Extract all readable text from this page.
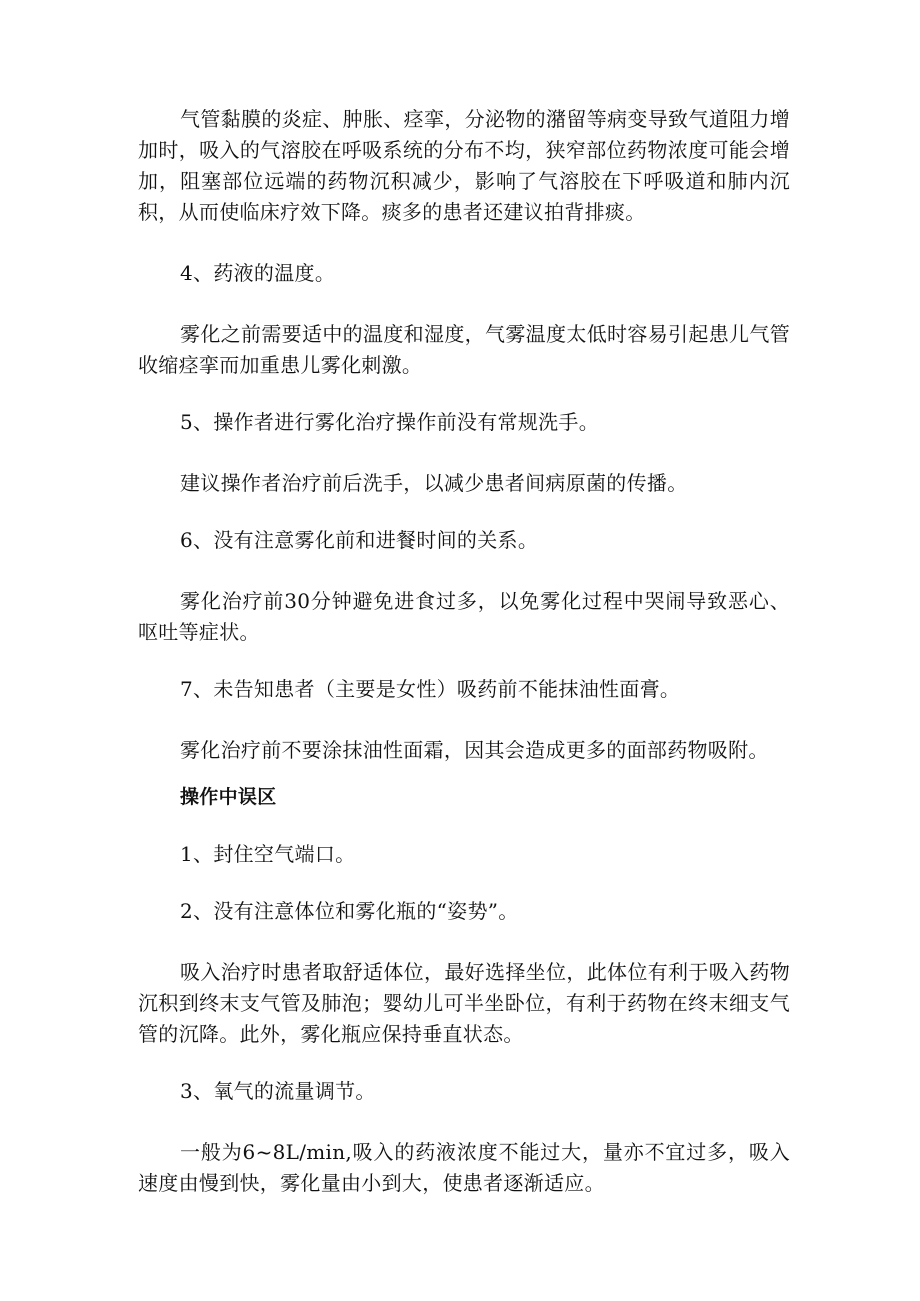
气管黏膜的炎症、肿胀、痉挛，分泌物的潴留等病变导致气道阻力增加时，吸入的气溶胶在呼吸系统的分布不均，狭窄部位药物浓度可能会增加，阻塞部位远端的药物沉积减少，影响了气溶胶在下呼吸道和肺内沉积，从而使临床疗效下降。痰多的患者还建议拍背排痰。

4、药液的温度。

雾化之前需要适中的温度和湿度，气雾温度太低时容易引起患儿气管收缩痉挛而加重患儿雾化刺激。

5、操作者进行雾化治疗操作前没有常规洗手。

建议操作者治疗前后洗手，以减少患者间病原菌的传播。

6、没有注意雾化前和进餐时间的关系。

雾化治疗前30分钟避免进食过多，以免雾化过程中哭闹导致恶心、呕吐等症状。

7、未告知患者（主要是女性）吸药前不能抹油性面膏。

雾化治疗前不要涂抹油性面霜，因其会造成更多的面部药物吸附。

操作中误区

1、封住空气端口。

2、没有注意体位和雾化瓶的“姿势”。

吸入治疗时患者取舒适体位，最好选择坐位，此体位有利于吸入药物沉积到终末支气管及肺泡；婴幼儿可半坐卧位，有利于药物在终末细支气管的沉降。此外，雾化瓶应保持垂直状态。

3、氧气的流量调节。

一般为6~8L/min,吸入的药液浓度不能过大，量亦不宜过多，吸入速度由慢到快，雾化量由小到大，使患者逐渐适应。
